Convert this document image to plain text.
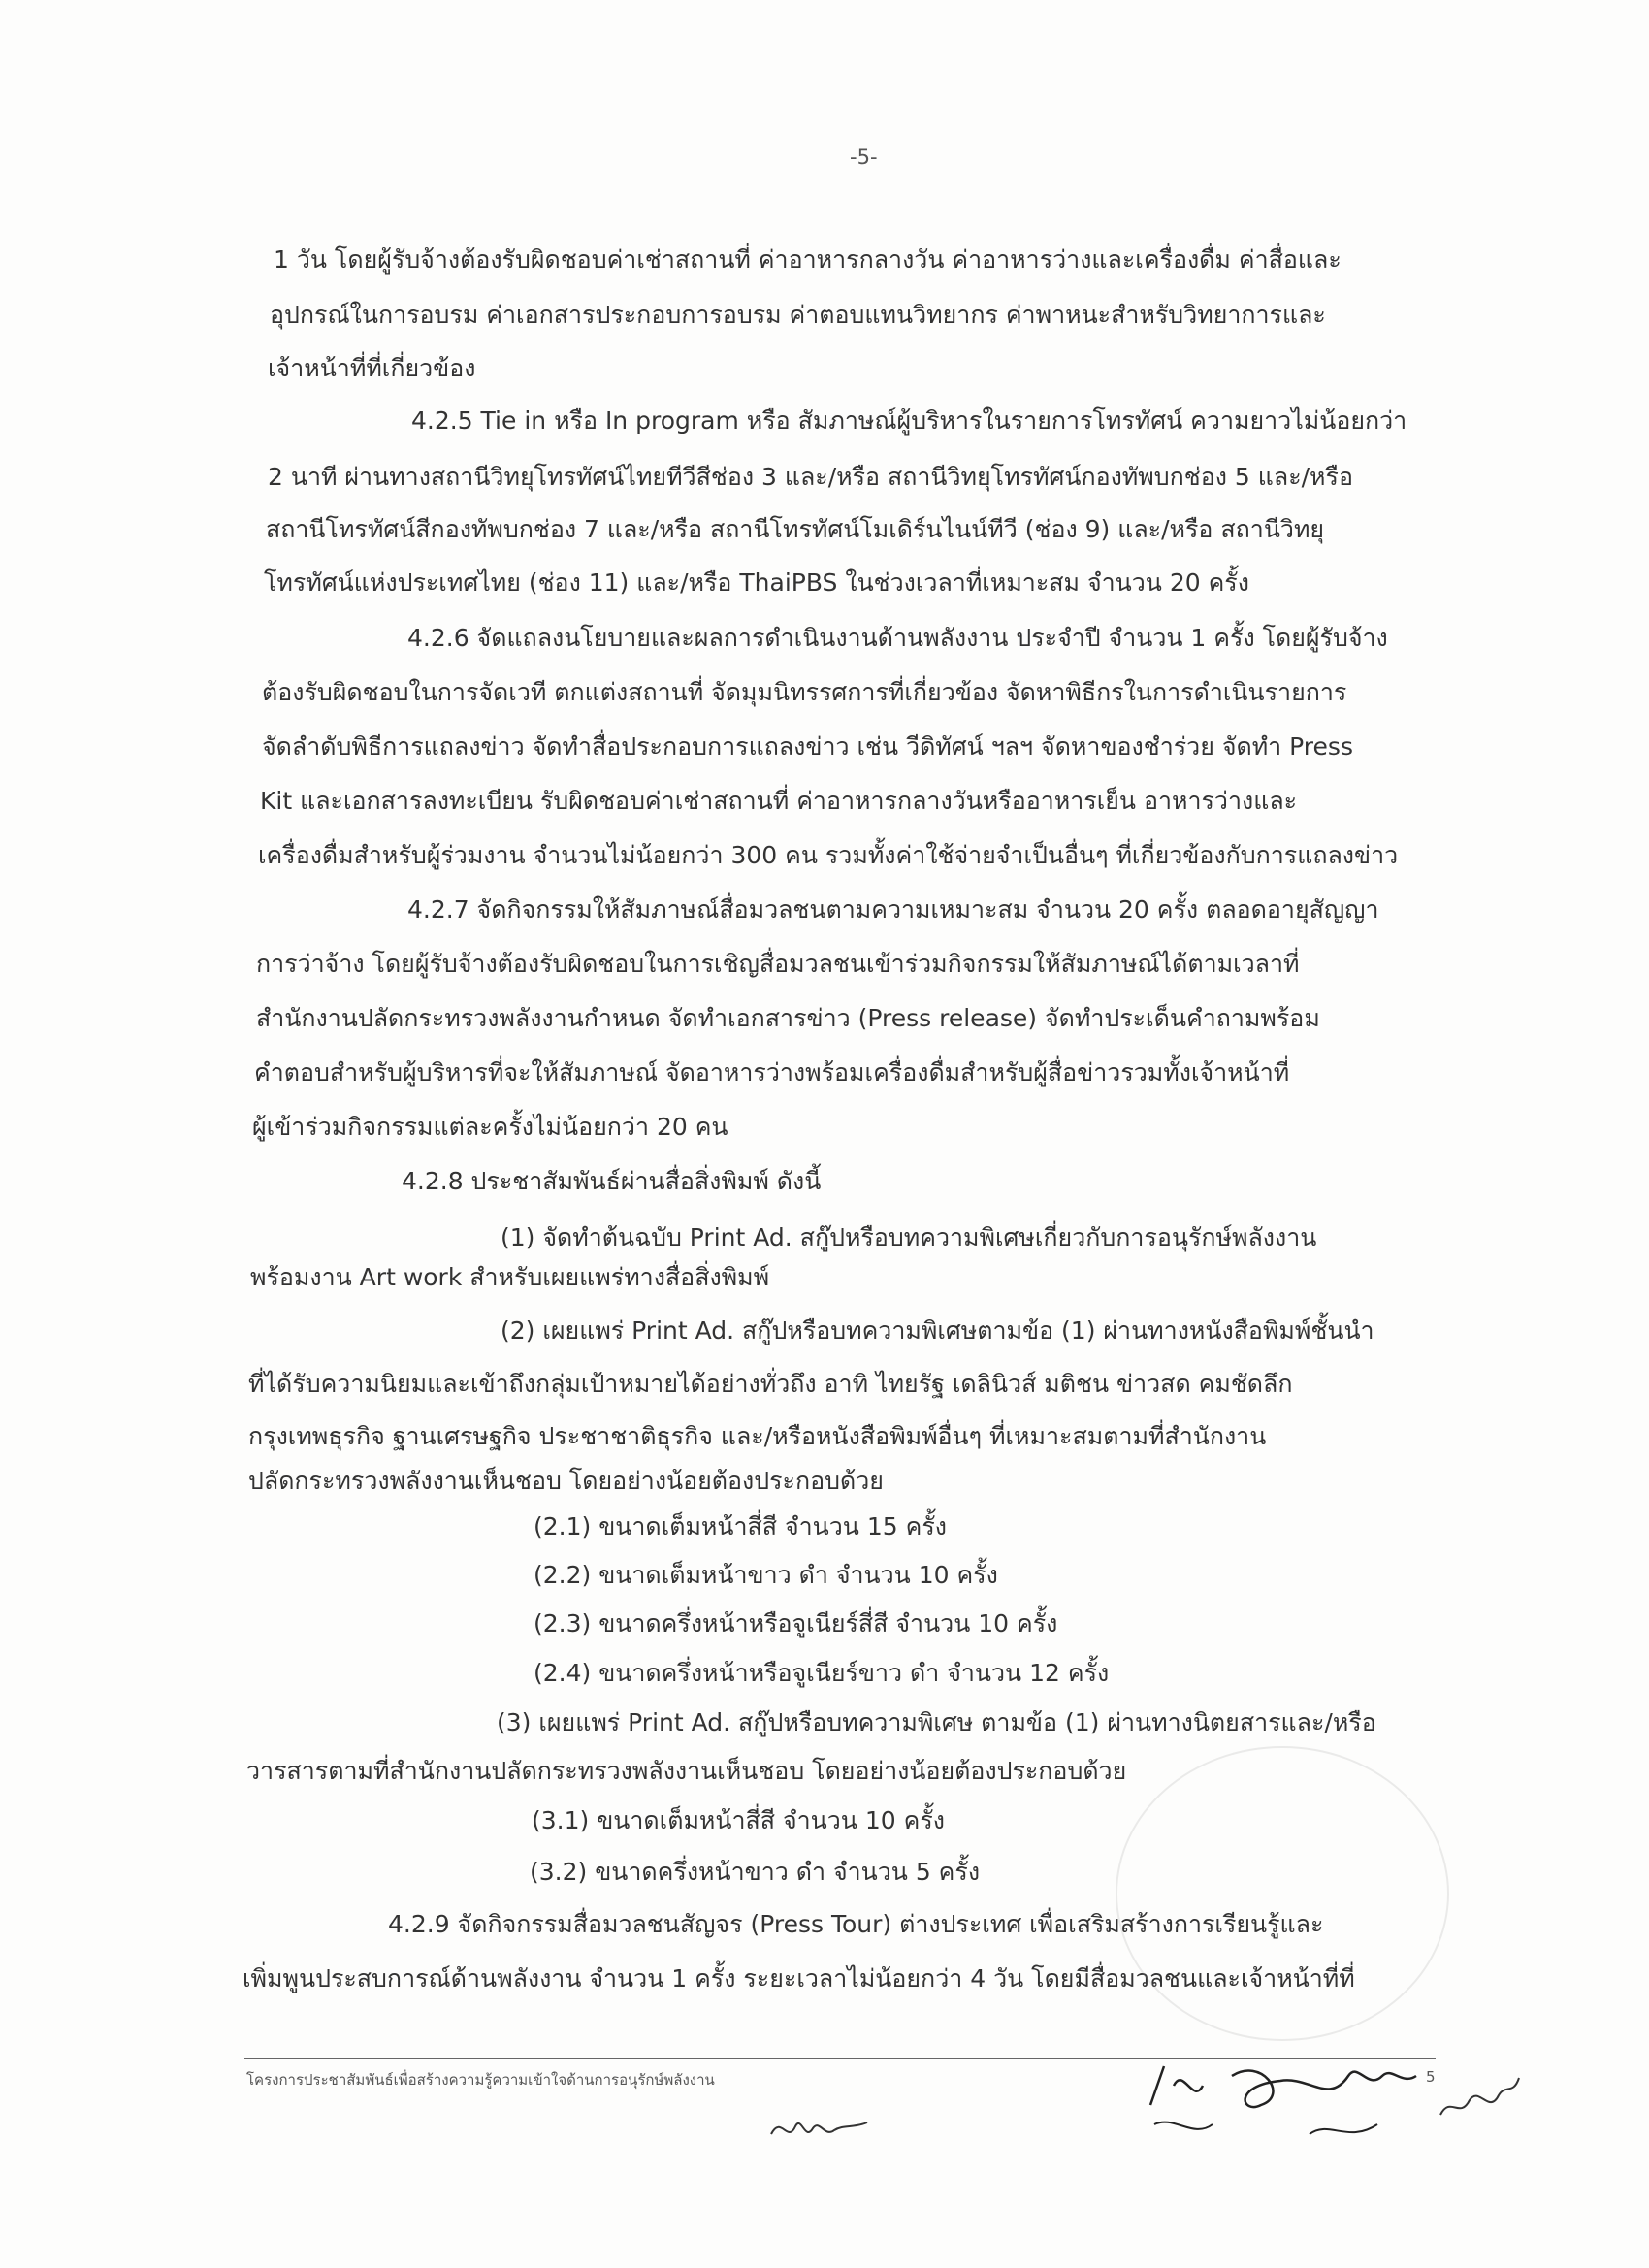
-5-
1 วัน โดยผู้รับจ้างต้องรับผิดชอบค่าเช่าสถานที่ ค่าอาหารกลางวัน ค่าอาหารว่างและเครื่องดื่ม ค่าสื่อและ
อุปกรณ์ในการอบรม ค่าเอกสารประกอบการอบรม ค่าตอบแทนวิทยากร ค่าพาหนะสำหรับวิทยาการและ
เจ้าหน้าที่ที่เกี่ยวข้อง
4.2.5 Tie in หรือ In program หรือ สัมภาษณ์ผู้บริหารในรายการโทรทัศน์ ความยาวไม่น้อยกว่า
2 นาที ผ่านทางสถานีวิทยุโทรทัศน์ไทยทีวีสีช่อง 3 และ/หรือ สถานีวิทยุโทรทัศน์กองทัพบกช่อง 5 และ/หรือ
สถานีโทรทัศน์สีกองทัพบกช่อง 7 และ/หรือ สถานีโทรทัศน์โมเดิร์นไนน์ทีวี (ช่อง 9) และ/หรือ สถานีวิทยุ
โทรทัศน์แห่งประเทศไทย (ช่อง 11) และ/หรือ ThaiPBS ในช่วงเวลาที่เหมาะสม จำนวน 20 ครั้ง
4.2.6 จัดแถลงนโยบายและผลการดำเนินงานด้านพลังงาน ประจำปี จำนวน 1 ครั้ง โดยผู้รับจ้าง
ต้องรับผิดชอบในการจัดเวที ตกแต่งสถานที่ จัดมุมนิทรรศการที่เกี่ยวข้อง จัดหาพิธีกรในการดำเนินรายการ
จัดลำดับพิธีการแถลงข่าว จัดทำสื่อประกอบการแถลงข่าว เช่น วีดิทัศน์ ฯลฯ จัดหาของชำร่วย จัดทำ Press
Kit และเอกสารลงทะเบียน รับผิดชอบค่าเช่าสถานที่ ค่าอาหารกลางวันหรืออาหารเย็น อาหารว่างและ
เครื่องดื่มสำหรับผู้ร่วมงาน จำนวนไม่น้อยกว่า 300 คน รวมทั้งค่าใช้จ่ายจำเป็นอื่นๆ ที่เกี่ยวข้องกับการแถลงข่าว
4.2.7 จัดกิจกรรมให้สัมภาษณ์สื่อมวลชนตามความเหมาะสม จำนวน 20 ครั้ง ตลอดอายุสัญญา
การว่าจ้าง โดยผู้รับจ้างต้องรับผิดชอบในการเชิญสื่อมวลชนเข้าร่วมกิจกรรมให้สัมภาษณ์ได้ตามเวลาที่
สำนักงานปลัดกระทรวงพลังงานกำหนด จัดทำเอกสารข่าว (Press release) จัดทำประเด็นคำถามพร้อม
คำตอบสำหรับผู้บริหารที่จะให้สัมภาษณ์ จัดอาหารว่างพร้อมเครื่องดื่มสำหรับผู้สื่อข่าวรวมทั้งเจ้าหน้าที่
ผู้เข้าร่วมกิจกรรมแต่ละครั้งไม่น้อยกว่า 20 คน
4.2.8 ประชาสัมพันธ์ผ่านสื่อสิ่งพิมพ์ ดังนี้
(1) จัดทำต้นฉบับ Print Ad. สกู๊ปหรือบทความพิเศษเกี่ยวกับการอนุรักษ์พลังงาน
พร้อมงาน Art work สำหรับเผยแพร่ทางสื่อสิ่งพิมพ์
(2) เผยแพร่ Print Ad. สกู๊ปหรือบทความพิเศษตามข้อ (1) ผ่านทางหนังสือพิมพ์ชั้นนำ
ที่ได้รับความนิยมและเข้าถึงกลุ่มเป้าหมายได้อย่างทั่วถึง อาทิ ไทยรัฐ เดลินิวส์ มติชน ข่าวสด คมชัดลึก
กรุงเทพธุรกิจ ฐานเศรษฐกิจ ประชาชาติธุรกิจ และ/หรือหนังสือพิมพ์อื่นๆ ที่เหมาะสมตามที่สำนักงาน
ปลัดกระทรวงพลังงานเห็นชอบ โดยอย่างน้อยต้องประกอบด้วย
(2.1) ขนาดเต็มหน้าสี่สี จำนวน 15 ครั้ง
(2.2) ขนาดเต็มหน้าขาว ดำ จำนวน 10 ครั้ง
(2.3) ขนาดครึ่งหน้าหรือจูเนียร์สี่สี จำนวน 10 ครั้ง
(2.4) ขนาดครึ่งหน้าหรือจูเนียร์ขาว ดำ จำนวน 12 ครั้ง
(3) เผยแพร่ Print Ad. สกู๊ปหรือบทความพิเศษ ตามข้อ (1) ผ่านทางนิตยสารและ/หรือ
วารสารตามที่สำนักงานปลัดกระทรวงพลังงานเห็นชอบ โดยอย่างน้อยต้องประกอบด้วย
(3.1) ขนาดเต็มหน้าสี่สี จำนวน 10 ครั้ง
(3.2) ขนาดครึ่งหน้าขาว ดำ จำนวน 5 ครั้ง
4.2.9 จัดกิจกรรมสื่อมวลชนสัญจร (Press Tour) ต่างประเทศ เพื่อเสริมสร้างการเรียนรู้และ
เพิ่มพูนประสบการณ์ด้านพลังงาน จำนวน 1 ครั้ง ระยะเวลาไม่น้อยกว่า 4 วัน โดยมีสื่อมวลชนและเจ้าหน้าที่ที่
โครงการประชาสัมพันธ์เพื่อสร้างความรู้ความเข้าใจด้านการอนุรักษ์พลังงาน	5
